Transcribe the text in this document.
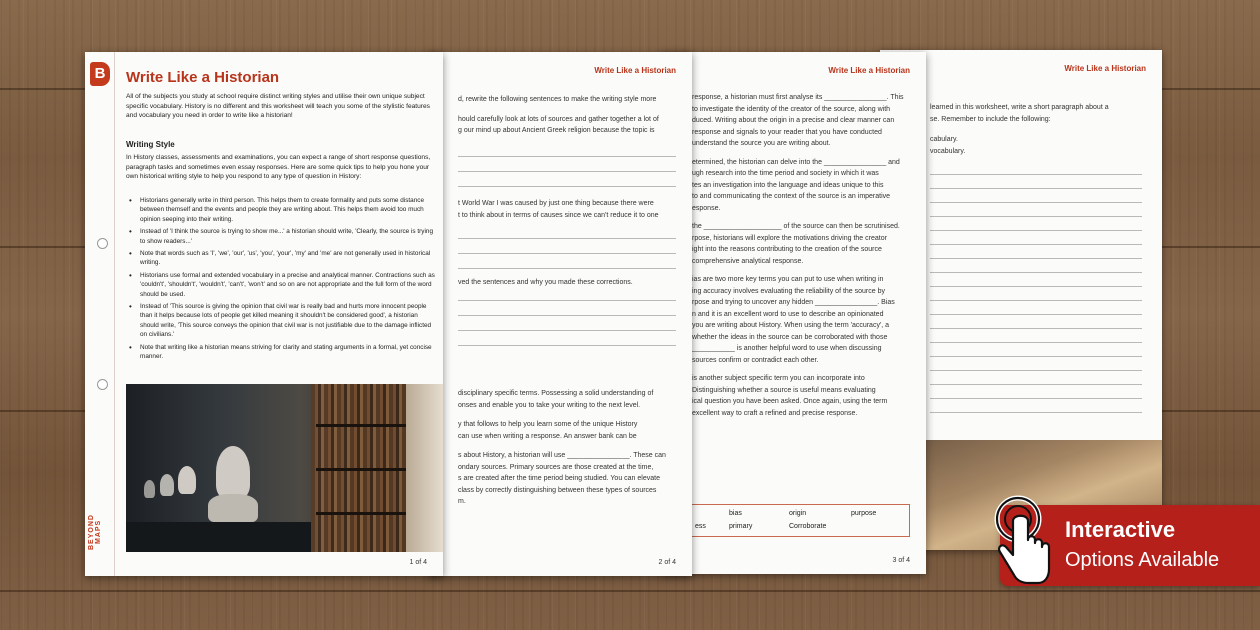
Write Like a Historian
learned in this worksheet, write a short paragraph about a
se. Remember to include the following:
cabulary.
vocabulary.
Write Like a Historian
response, a historian must first analyse its ________________. This
to investigate the identity of the creator of the source, along with
duced. Writing about the origin in a precise and clear manner can
response and signals to your reader that you have conducted
understand the source you are writing about.
etermined, the historian can delve into the ________________ and
ugh research into the time period and society in which it was
tes an investigation into the language and ideas unique to this
to and communicating the context of the source is an imperative
esponse.
the ____________________ of the source can then be scrutinised.
rpose, historians will explore the motivations driving the creator
ight into the reasons contributing to the creation of the source
comprehensive analytical response.
ias are two more key terms you can put to use when writing in
ing accuracy involves evaluating the reliability of the source by
rpose and trying to uncover any hidden ________________. Bias
n and it is an excellent word to use to describe an opinionated
you are writing about History. When using the term 'accuracy', a
whether the ideas in the source can be corroborated with those
___________ is another helpful word to use when discussing
sources confirm or contradict each other.
is another subject specific term you can incorporate into
Distinguishing whether a source is useful means evaluating
ical question you have been asked. Once again, using the term
excellent way to craft a refined and precise response.
bias	origin	purpose
ess	primary	Corroborate
3 of 4
Write Like a Historian
d, rewrite the following sentences to make the writing style more
hould carefully look at lots of sources and gather together a lot of
g our mind up about Ancient Greek religion because the topic is
t World War I was caused by just one thing because there were
t to think about in terms of causes since we can't reduce it to one
ved the sentences and why you made these corrections.
disciplinary specific terms. Possessing a solid understanding of
onses and enable you to take your writing to the next level.
y that follows to help you learn some of the unique History
can use when writing a response. An answer bank can be
s about History, a historian will use ________________. These can
ondary sources. Primary sources are those created at the time,
s are created after the time period being studied. You can elevate
class by correctly distinguishing between these types of sources
m.
2 of 4
B
BEYOND MAPS
Write Like a Historian
All of the subjects you study at school require distinct writing styles and utilise their own unique subject specific vocabulary. History is no different and this worksheet will teach you some of the stylistic features and vocabulary you need in order to write like a historian!
Writing Style
In History classes, assessments and examinations, you can expect a range of short response questions, paragraph tasks and sometimes even essay responses. Here are some quick tips to help you hone your own historical writing style to help you respond to any type of question in History:
• Historians generally write in third person. This helps them to create formality and puts some distance between themself and the events and people they are writing about. This helps them avoid too much opinion seeping into their writing.
• Instead of 'I think the source is trying to show me...' a historian should write, 'Clearly, the source is trying to show readers...'
• Note that words such as 'I', 'we', 'our', 'us', 'you', 'your', 'my' and 'me' are not generally used in historical writing.
• Historians use formal and extended vocabulary in a precise and analytical manner. Contractions such as 'couldn't', 'shouldn't', 'wouldn't', 'can't', 'won't' and so on are not appropriate and the full form of the word should be used.
• Instead of 'This source is giving the opinion that civil war is really bad and hurts more innocent people than it helps because lots of people get killed meaning it shouldn't be considered good', a historian should write, 'This source conveys the opinion that civil war is not justifiable due to the damage inflicted on civilians.'
• Note that writing like a historian means striving for clarity and stating arguments in a formal, yet concise manner.
1 of 4
Interactive
Options Available
